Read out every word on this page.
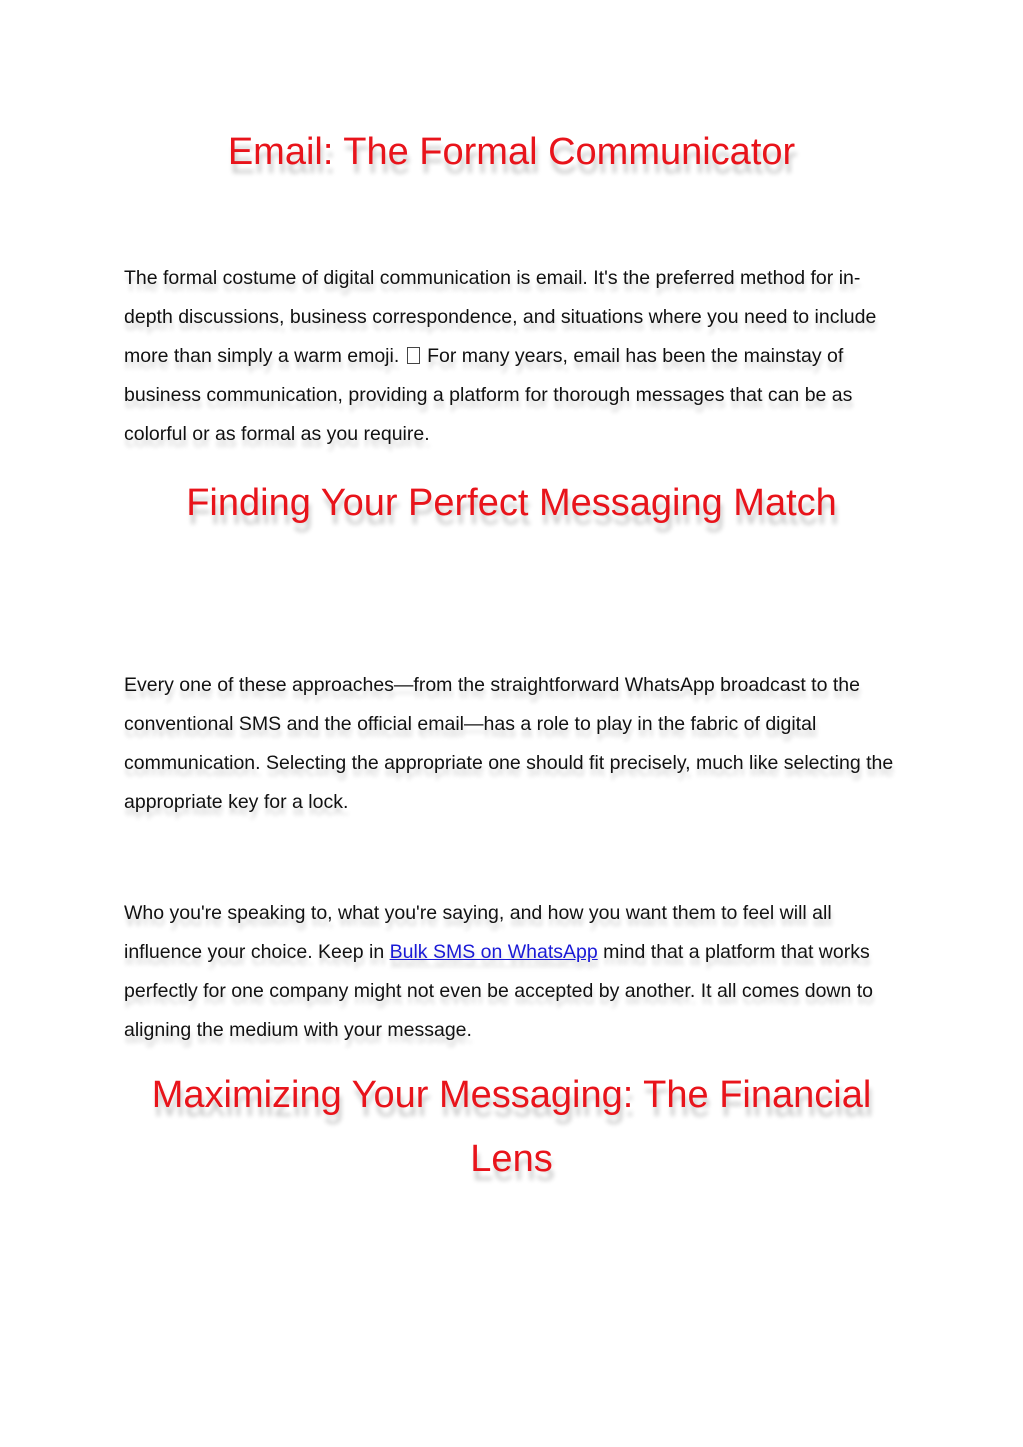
Email: The Formal Communicator

The formal costume of digital communication is email. It's the preferred method for in-depth discussions, business correspondence, and situations where you need to include more than simply a warm emoji.  For many years, email has been the mainstay of business communication, providing a platform for thorough messages that can be as colorful or as formal as you require.

Finding Your Perfect Messaging Match

Every one of these approaches—from the straightforward WhatsApp broadcast to the conventional SMS and the official email—has a role to play in the fabric of digital communication. Selecting the appropriate one should fit precisely, much like selecting the appropriate key for a lock.

Who you're speaking to, what you're saying, and how you want them to feel will all influence your choice. Keep in Bulk SMS on WhatsApp mind that a platform that works perfectly for one company might not even be accepted by another. It all comes down to aligning the medium with your message.

Maximizing Your Messaging: The Financial Lens
